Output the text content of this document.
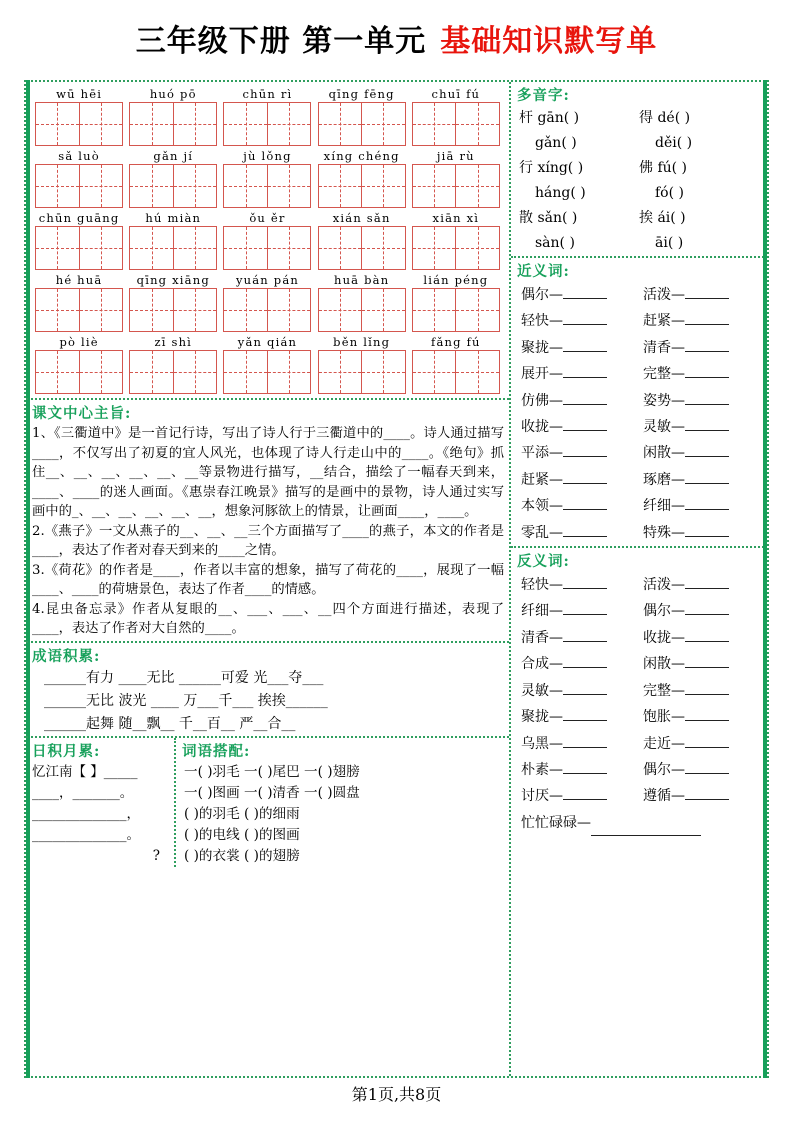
三年级下册 第一单元 基础知识默写单
wū hēi	huó pō	chūn rì	qīng fēng	chuī fú
sǎ luò	gǎn jí	jù lǒng	xíng chéng	jiā rù
chūn guāng	hú miàn	ǒu ěr	xián sǎn	xiān xì
hé huā	qīng xiāng	yuán pán	huā bàn	lián péng
pò liè	zī shì	yǎn qián	běn lǐng	fǎng fú
课文中心主旨:

1、《三衢道中》是一首记行诗，写出了诗人行于三衢道中的____。诗人通过描写____，不仅写出了初夏的宜人风光，也体现了诗人行走山中的____。《绝句》抓住__、__、__、__、__、__等景物进行描写，__结合，描绘了一幅春天到来，____、____的迷人画面。《惠崇春江晚景》描写的是画中的景物，诗人通过实写画中的_、__、__、__、__、__，想象河豚欲上的情景，让画面____，____。

2.《燕子》一文从燕子的__、__、__三个方面描写了____的燕子，本文的作者是____，表达了作者对春天到来的____之情。

3.《荷花》的作者是____，作者以丰富的想象，描写了荷花的____，展现了一幅____、____的荷塘景色，表达了作者____的情感。

4.昆虫备忘录》作者从复眼的__、___、___、__四个方面进行描述，表现了____，表达了作者对大自然的____。

成语积累:
______有力 ____无比 ______可爱 光___夺___
______无比 波光 ____ 万___千___ 挨挨______
______起舞 随__飘__ 千__百__ 严__合__
日积月累:
忆江南【 】_____
____，_______。
______________，
______________。
?
词语搭配:
一( )羽毛 一( )尾巴 一( )翅膀
一( )图画 一( )清香 一( )圆盘
( )的羽毛 ( )的细雨
( )的电线 ( )的图画
( )的衣裳 ( )的翅膀
多音字:
杆 gān( )	得 dé( )
gǎn( )	děi( )
行 xíng( )	佛 fú( )
háng( )	fó( )
散 sǎn( )	挨 ái( )
sàn( )	āi( )
近义词:
偶尔—	活泼—
轻快—	赶紧—
聚拢—	清香—
展开—	完整—
仿佛—	姿势—
收拢—	灵敏—
平添—	闲散—
赶紧—	琢磨—
本领—	纤细—
零乱—	特殊—
反义词:
轻快—	活泼—
纤细—	偶尔—
清香—	收拢—
合成—	闲散—
灵敏—	完整—
聚拢—	饱胀—
乌黑—	走近—
朴素—	偶尔—
讨厌—	遵循—
忙忙碌碌—
第1页,共8页
